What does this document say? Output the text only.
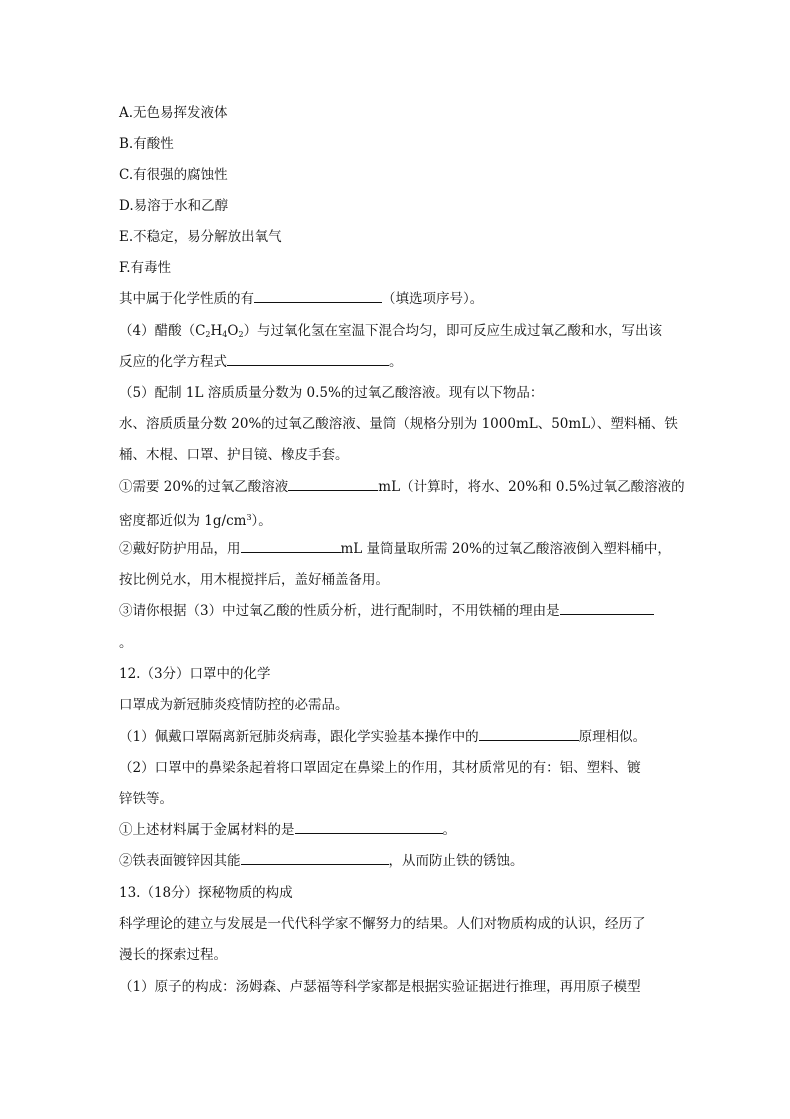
A.无色易挥发液体
B.有酸性
C.有很强的腐蚀性
D.易溶于水和乙醇
E.不稳定，易分解放出氧气
F.有毒性
其中属于化学性质的有	（填选项序号）。
（4）醋酸$(C_2H_4O_2)$与过氧化氢在室温下混合均匀，即可反应生成过氧乙酸和水，写出该
反应的化学方程式	。
（5）配制 1L 溶质质量分数为 0.5%的过氧乙酸溶液。现有以下物品：
水、溶质质量分数 20%的过氧乙酸溶液、量筒（规格分别为 1000mL、50mL）、塑料桶、铁
桶、木棍、口罩、护目镜、橡皮手套。
①需要 20%的过氧乙酸溶液	mL（计算时，将水、20%和 0.5%过氧乙酸溶液的
密度都近似为 $1g/cm^3$）。
②戴好防护用品，用	mL 量筒量取所需 20%的过氧乙酸溶液倒入塑料桶中，
按比例兑水，用木棍搅拌后，盖好桶盖备用。
③请你根据（3）中过氧乙酸的性质分析，进行配制时，不用铁桶的理由是
。
12.（3分）口罩中的化学
口罩成为新冠肺炎疫情防控的必需品。
（1）佩戴口罩隔离新冠肺炎病毒，跟化学实验基本操作中的	原理相似。
（2）口罩中的鼻梁条起着将口罩固定在鼻梁上的作用，其材质常见的有：铝、塑料、镀
锌铁等。
①上述材料属于金属材料的是	。
②铁表面镀锌因其能	，从而防止铁的锈蚀。
13.（18分）探秘物质的构成
科学理论的建立与发展是一代代科学家不懈努力的结果。人们对物质构成的认识，经历了
漫长的探索过程。
（1）原子的构成：汤姆森、卢瑟福等科学家都是根据实验证据进行推理，再用原子模型
